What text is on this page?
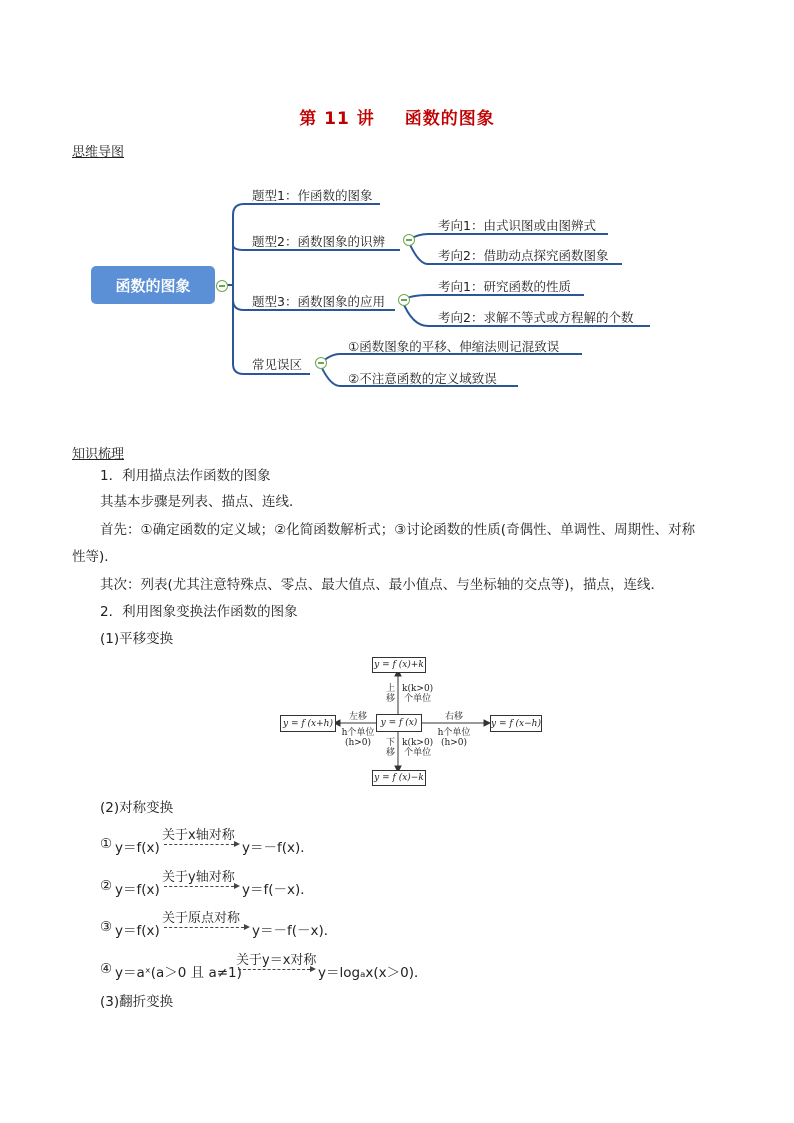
第 11 讲 函数的图象
思维导图
函数的图象
题型1：作函数的图象
题型2：函数图象的识辨
考向1：由式识图或由图辨式
考向2：借助动点探究函数图象
题型3：函数图象的应用
考向1：研究函数的性质
考向2：求解不等式或方程解的个数
常见误区
①函数图象的平移、伸缩法则记混致误
②不注意函数的定义域致误
知识梳理
1．利用描点法作函数的图象
其基本步骤是列表、描点、连线．
首先：①确定函数的定义域；②化简函数解析式；③讨论函数的性质(奇偶性、单调性、周期性、对称
性等)．
其次：列表(尤其注意特殊点、零点、最大值点、最小值点、与坐标轴的交点等)，描点，连线．
2．利用图象变换法作函数的图象
(1)平移变换
y = f (x)
y = f (x)+k
y = f (x)−k
y = f (x+h)	y = f (x−h)
上
移
k(k>0)
个单位
下
移
k(k>0)
个单位
左移
h个单位
(h>0)
右移
h个单位
(h>0)
(2)对称变换
① y＝f(x)
关于x轴对称
y＝－f(x)．
② y＝f(x)
关于y轴对称
y＝f(－x)．
③ y＝f(x)
关于原点对称
y＝－f(－x)．
④ y＝aˣ(a＞0 且 a≠1)
关于y＝x对称
y＝logₐx(x＞0)．
(3)翻折变换
